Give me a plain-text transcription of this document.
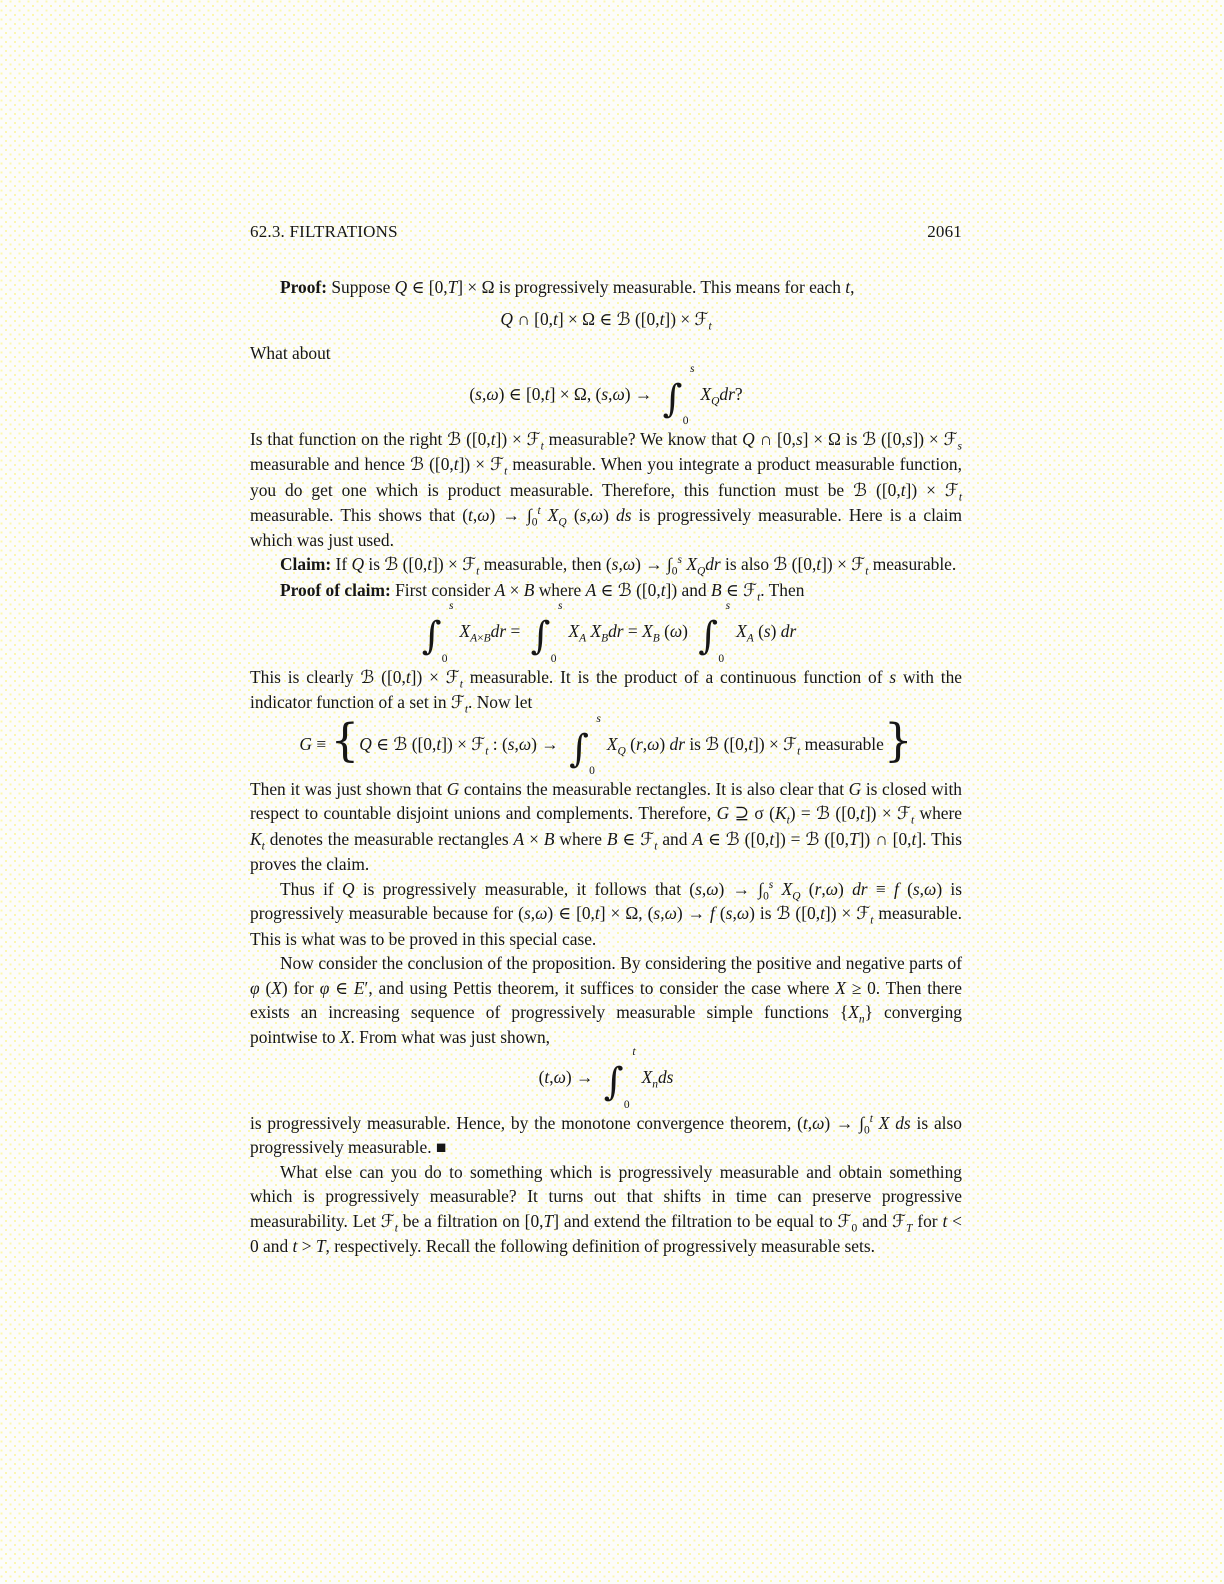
62.3. FILTRATIONS	2061

Proof: Suppose Q ∈ [0,T] × Ω is progressively measurable. This means for each t,

Q ∩ [0,t] × Ω ∈ ℬ ([0,t]) × ℱ$_t$

What about

(s,ω) ∈ [0,t] × Ω, (s,ω) → ∫
s
0
$X_Qdr$?

Is that function on the right ℬ ([0,t]) × ℱ$_t$ measurable? We know that Q ∩ [0,s] × Ω is ℬ ([0,s]) × ℱ$_s$ measurable and hence ℬ ([0,t]) × ℱ$_t$ measurable. When you integrate a product measurable function, you do get one which is product measurable. Therefore, this function must be ℬ ([0,t]) × ℱ$_t$ measurable. This shows that $(t,\omega) \to \int_0^t$ $X_Q$ (s,ω) ds is progressively measurable. Here is a claim which was just used.

Claim: If Q is ℬ ([0,t]) × ℱ$_t$ measurable, then $(s,\omega) \to \int_0^s$ $X_Qdr$ is also ℬ ([0,t]) × ℱ$_t$ measurable.

Proof of claim: First consider A × B where A ∈ ℬ ([0,t]) and B ∈ ℱ$_t$. Then

∫
s
0
$X_{A\times B}dr$ = ∫
s
0
$X_A$ $X_Bdr = X_B$ (ω) ∫
s
0
$X_A$ (s) dr

This is clearly ℬ ([0,t]) × ℱ$_t$ measurable. It is the product of a continuous function of s with the indicator function of a set in ℱ$_t$. Now let

G ≡ {Q ∈ ℬ ([0,t]) × ℱ$_t$ : (s,ω) → ∫
s
0
$X_Q$ (r,ω) dr is ℬ ([0,t]) × ℱ$_t$ measurable}

Then it was just shown that G contains the measurable rectangles. It is also clear that G is closed with respect to countable disjoint unions and complements. Therefore, G ⊇ σ $(K_t)$ = ℬ ([0,t]) × ℱ$_t$ where $K_t$ denotes the measurable rectangles A × B where B ∈ ℱ$_t$ and A ∈ ℬ ([0,t]) = ℬ ([0,T]) ∩ [0,t]. This proves the claim.

Thus if Q is progressively measurable, it follows that $(s,\omega) \to \int_0^s$ $X_Q$ (r,ω) dr ≡ f (s,ω) is progressively measurable because for (s,ω) ∈ [0,t] × Ω, (s,ω) → f (s,ω) is ℬ ([0,t]) × ℱ$_t$ measurable. This is what was to be proved in this special case.

Now consider the conclusion of the proposition. By considering the positive and negative parts of φ (X) for φ ∈ E′, and using Pettis theorem, it suffices to consider the case where X ≥ 0. Then there exists an increasing sequence of progressively measurable simple functions $\{X_n\}$ converging pointwise to X. From what was just shown,

(t,ω) → ∫
t
0
$X_nds$

is progressively measurable. Hence, by the monotone convergence theorem, $(t,\omega) \to \int_0^t$ X ds is also progressively measurable. ■

What else can you do to something which is progressively measurable and obtain something which is progressively measurable? It turns out that shifts in time can preserve progressive measurability. Let ℱ$_t$ be a filtration on [0,T] and extend the filtration to be equal to ℱ$_0$ and ℱ$_T$ for t < 0 and t > T, respectively. Recall the following definition of progressively measurable sets.
